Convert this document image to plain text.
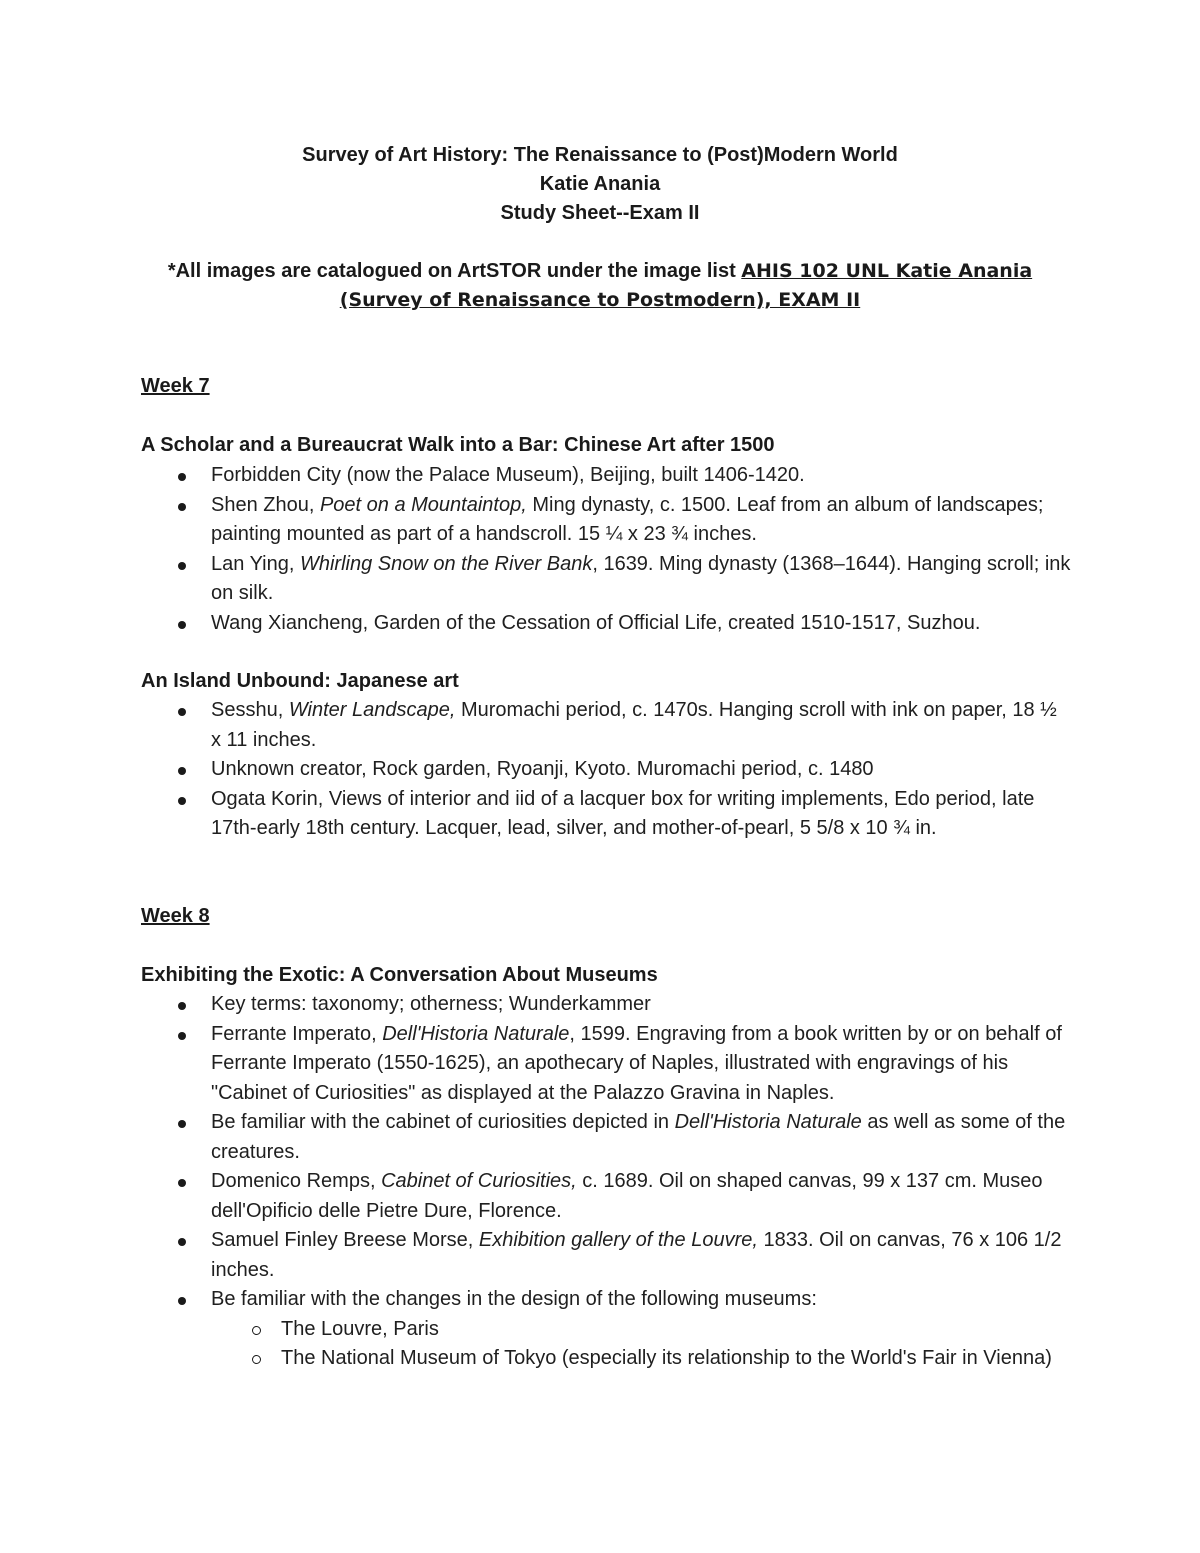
Survey of Art History: The Renaissance to (Post)Modern World
Katie Anania
Study Sheet--Exam II
*All images are catalogued on ArtSTOR under the image list AHIS 102 UNL Katie Anania (Survey of Renaissance to Postmodern), EXAM II
Week 7
A Scholar and a Bureaucrat Walk into a Bar: Chinese Art after 1500
Forbidden City (now the Palace Museum), Beijing, built 1406-1420.
Shen Zhou, Poet on a Mountaintop, Ming dynasty, c. 1500. Leaf from an album of landscapes; painting mounted as part of a handscroll. 15 ¼ x 23 ¾ inches.
Lan Ying, Whirling Snow on the River Bank, 1639. Ming dynasty (1368–1644). Hanging scroll; ink on silk.
Wang Xiancheng, Garden of the Cessation of Official Life, created 1510-1517, Suzhou.
An Island Unbound: Japanese art
Sesshu, Winter Landscape, Muromachi period, c. 1470s. Hanging scroll with ink on paper, 18 ½ x 11 inches.
Unknown creator, Rock garden, Ryoanji, Kyoto. Muromachi period, c. 1480
Ogata Korin, Views of interior and iid of a lacquer box for writing implements, Edo period, late 17th-early 18th century. Lacquer, lead, silver, and mother-of-pearl, 5 5/8 x 10 ¾ in.
Week 8
Exhibiting the Exotic: A Conversation About Museums
Key terms: taxonomy; otherness; Wunderkammer
Ferrante Imperato, Dell'Historia Naturale, 1599. Engraving from a book written by or on behalf of Ferrante Imperato (1550-1625), an apothecary of Naples, illustrated with engravings of his "Cabinet of Curiosities" as displayed at the Palazzo Gravina in Naples.
Be familiar with the cabinet of curiosities depicted in Dell'Historia Naturale as well as some of the creatures.
Domenico Remps, Cabinet of Curiosities, c. 1689. Oil on shaped canvas, 99 x 137 cm. Museo dell'Opificio delle Pietre Dure, Florence.
Samuel Finley Breese Morse, Exhibition gallery of the Louvre, 1833. Oil on canvas, 76 x 106 1/2 inches.
Be familiar with the changes in the design of the following museums:
The Louvre, Paris
The National Museum of Tokyo (especially its relationship to the World's Fair in Vienna)
